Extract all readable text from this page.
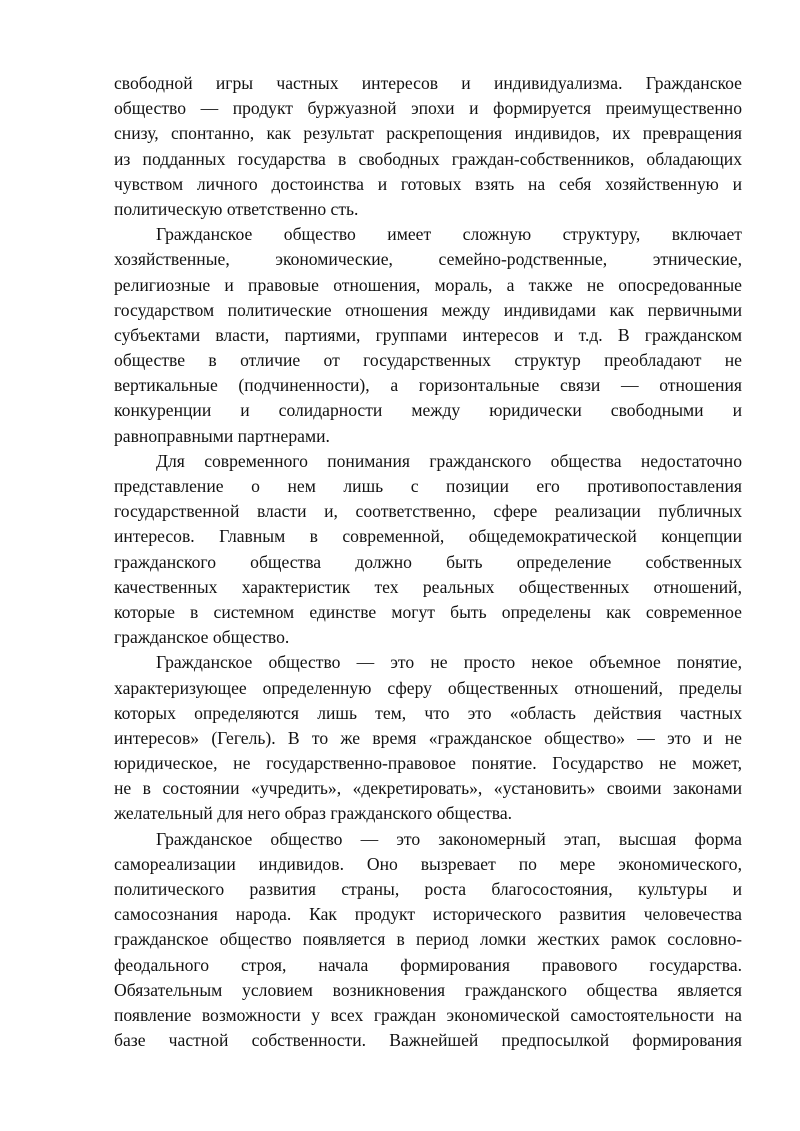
свободной игры частных интересов и индивидуализма. Гражданское
общество — продукт буржуазной эпохи и формируется преимущественно
снизу, спонтанно, как результат раскрепощения индивидов, их превращения
из подданных государства в свободных граждан-собственников, обладающих
чувством личного достоинства и готовых взять на себя хозяйственную и
политическую ответственно сть.
Гражданское общество имеет сложную структуру, включает
хозяйственные, экономические, семейно-родственные, этнические,
религиозные и правовые отношения, мораль, а также не опосредованные
государством политические отношения между индивидами как первичными
субъектами власти, партиями, группами интересов и т.д. В гражданском
обществе в отличие от государственных структур преобладают не
вертикальные (подчиненности), а горизонтальные связи — отношения
конкуренции и солидарности между юридически свободными и
равноправными партнерами.
Для современного понимания гражданского общества недостаточно
представление о нем лишь с позиции его противопоставления
государственной власти и, соответственно, сфере реализации публичных
интересов. Главным в современной, общедемократической концепции
гражданского общества должно быть определение собственных
качественных характеристик тех реальных общественных отношений,
которые в системном единстве могут быть определены как современное
гражданское общество.
Гражданское общество — это не просто некое объемное понятие,
характеризующее определенную сферу общественных отношений, пределы
которых определяются лишь тем, что это «область действия частных
интересов» (Гегель). В то же время «гражданское общество» — это и не
юридическое, не государственно-правовое понятие. Государство не может,
не в состоянии «учредить», «декретировать», «установить» своими законами
желательный для него образ гражданского общества.
Гражданское общество — это закономерный этап, высшая форма
самореализации индивидов. Оно вызревает по мере экономического,
политического развития страны, роста благосостояния, культуры и
самосознания народа. Как продукт исторического развития человечества
гражданское общество появляется в период ломки жестких рамок сословно-
феодального строя, начала формирования правового государства.
Обязательным условием возникновения гражданского общества является
появление возможности у всех граждан экономической самостоятельности на
базе частной собственности. Важнейшей предпосылкой формирования
